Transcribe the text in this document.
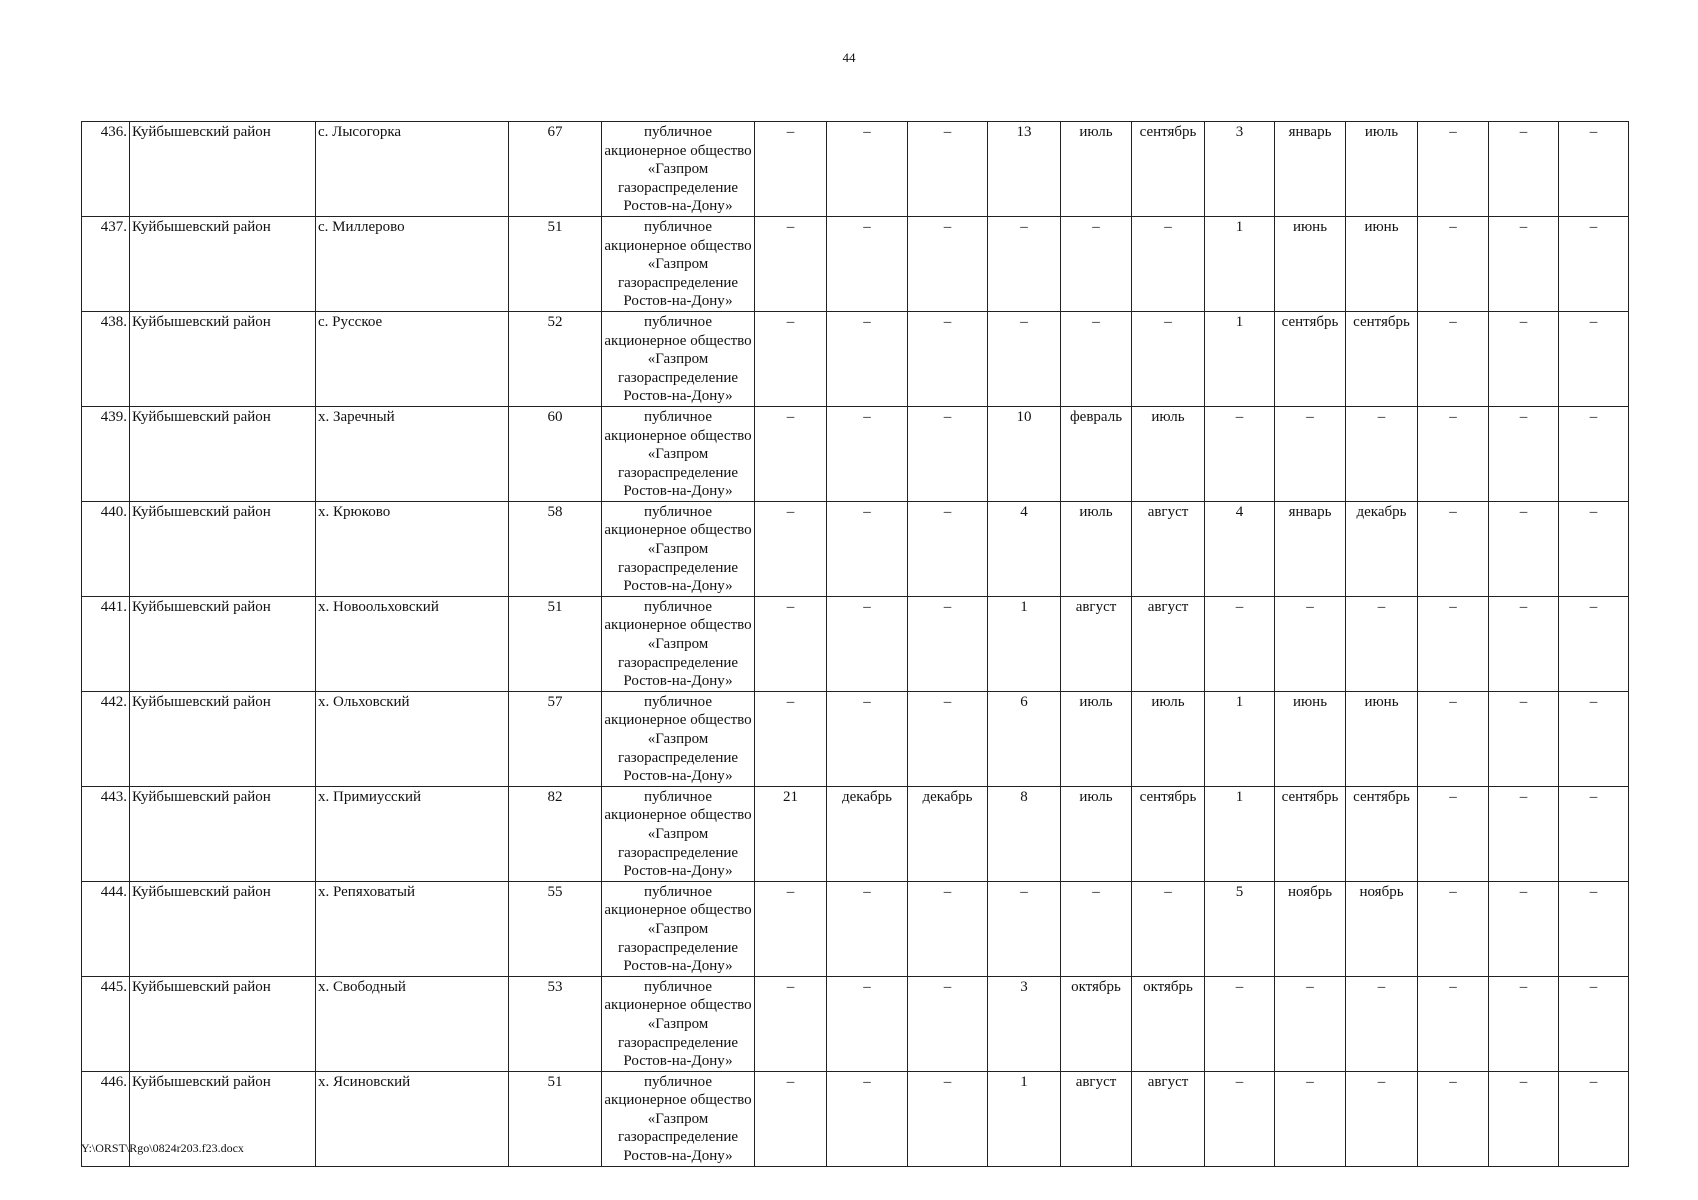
44
436.	Куйбышевский район	с. Лысогорка	67	публичное акционерное общество «Газпром газораспределение Ростов-на-Дону»	–	–	–	13	июль	сентябрь	3	январь	июль	–	–	–
437.	Куйбышевский район	с. Миллерово	51	публичное акционерное общество «Газпром газораспределение Ростов-на-Дону»	–	–	–	–	–	–	1	июнь	июнь	–	–	–
438.	Куйбышевский район	с. Русское	52	публичное акционерное общество «Газпром газораспределение Ростов-на-Дону»	–	–	–	–	–	–	1	сентябрь	сентябрь	–	–	–
439.	Куйбышевский район	х. Заречный	60	публичное акционерное общество «Газпром газораспределение Ростов-на-Дону»	–	–	–	10	февраль	июль	–	–	–	–	–	–
440.	Куйбышевский район	х. Крюково	58	публичное акционерное общество «Газпром газораспределение Ростов-на-Дону»	–	–	–	4	июль	август	4	январь	декабрь	–	–	–
441.	Куйбышевский район	х. Новоольховский	51	публичное акционерное общество «Газпром газораспределение Ростов-на-Дону»	–	–	–	1	август	август	–	–	–	–	–	–
442.	Куйбышевский район	х. Ольховский	57	публичное акционерное общество «Газпром газораспределение Ростов-на-Дону»	–	–	–	6	июль	июль	1	июнь	июнь	–	–	–
443.	Куйбышевский район	х. Примиусский	82	публичное акционерное общество «Газпром газораспределение Ростов-на-Дону»	21	декабрь	декабрь	8	июль	сентябрь	1	сентябрь	сентябрь	–	–	–
444.	Куйбышевский район	х. Репяховатый	55	публичное акционерное общество «Газпром газораспределение Ростов-на-Дону»	–	–	–	–	–	–	5	ноябрь	ноябрь	–	–	–
445.	Куйбышевский район	х. Свободный	53	публичное акционерное общество «Газпром газораспределение Ростов-на-Дону»	–	–	–	3	октябрь	октябрь	–	–	–	–	–	–
446.	Куйбышевский район	х. Ясиновский	51	публичное акционерное общество «Газпром газораспределение Ростов-на-Дону»	–	–	–	1	август	август	–	–	–	–	–	–
Y:\ORST\Rgo\0824r203.f23.docx
